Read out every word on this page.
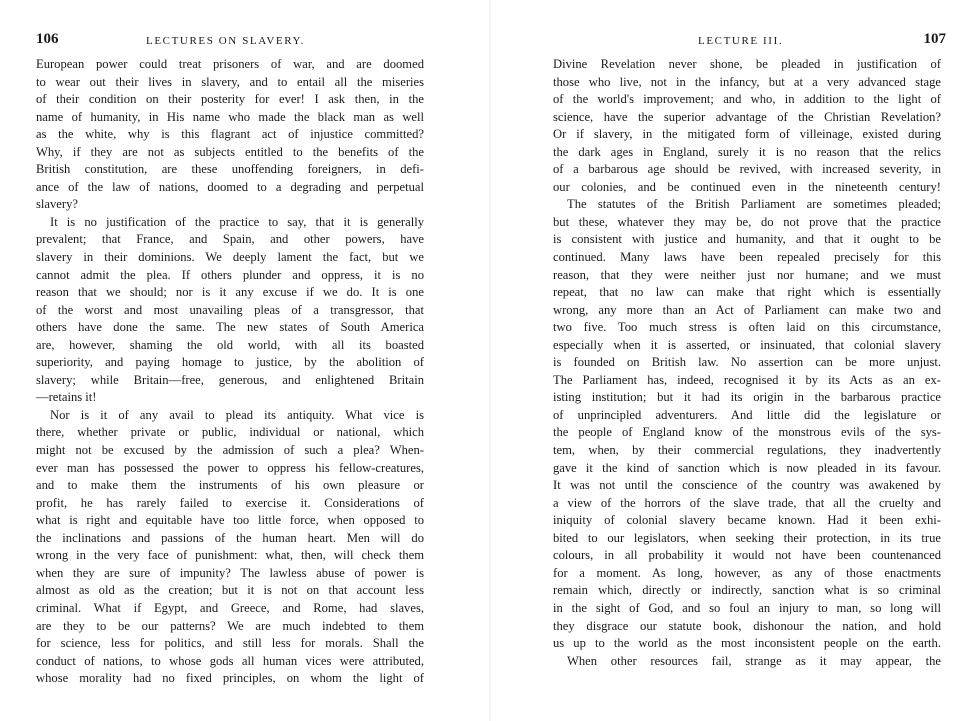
106	LECTURES ON SLAVERY.
European power could treat prisoners of war, and are doomed
to wear out their lives in slavery, and to entail all the miseries
of their condition on their posterity for ever! I ask then, in the
name of humanity, in His name who made the black man as well
as the white, why is this flagrant act of injustice committed?
Why, if they are not as subjects entitled to the benefits of the
British constitution, are these unoffending foreigners, in defi-
ance of the law of nations, doomed to a degrading and perpetual
slavery?
It is no justification of the practice to say, that it is generally
prevalent; that France, and Spain, and other powers, have
slavery in their dominions. We deeply lament the fact, but we
cannot admit the plea. If others plunder and oppress, it is no
reason that we should; nor is it any excuse if we do. It is one
of the worst and most unavailing pleas of a transgressor, that
others have done the same. The new states of South America
are, however, shaming the old world, with all its boasted
superiority, and paying homage to justice, by the abolition of
slavery; while Britain—free, generous, and enlightened Britain
—retains it!
Nor is it of any avail to plead its antiquity. What vice is
there, whether private or public, individual or national, which
might not be excused by the admission of such a plea? When-
ever man has possessed the power to oppress his fellow-creatures,
and to make them the instruments of his own pleasure or
profit, he has rarely failed to exercise it. Considerations of
what is right and equitable have too little force, when opposed to
the inclinations and passions of the human heart. Men will do
wrong in the very face of punishment: what, then, will check them
when they are sure of impunity? The lawless abuse of power is
almost as old as the creation; but it is not on that account less
criminal. What if Egypt, and Greece, and Rome, had slaves,
are they to be our patterns? We are much indebted to them
for science, less for politics, and still less for morals. Shall the
conduct of nations, to whose gods all human vices were attributed,
whose morality had no fixed principles, on whom the light of
LECTURE III.	107
Divine Revelation never shone, be pleaded in justification of
those who live, not in the infancy, but at a very advanced stage
of the world's improvement; and who, in addition to the light of
science, have the superior advantage of the Christian Revelation?
Or if slavery, in the mitigated form of villeinage, existed during
the dark ages in England, surely it is no reason that the relics
of a barbarous age should be revived, with increased severity, in
our colonies, and be continued even in the nineteenth century!
The statutes of the British Parliament are sometimes pleaded;
but these, whatever they may be, do not prove that the practice
is consistent with justice and humanity, and that it ought to be
continued. Many laws have been repealed precisely for this
reason, that they were neither just nor humane; and we must
repeat, that no law can make that right which is essentially
wrong, any more than an Act of Parliament can make two and
two five. Too much stress is often laid on this circumstance,
especially when it is asserted, or insinuated, that colonial slavery
is founded on British law. No assertion can be more unjust.
The Parliament has, indeed, recognised it by its Acts as an ex-
isting institution; but it had its origin in the barbarous practice
of unprincipled adventurers. And little did the legislature or
the people of England know of the monstrous evils of the sys-
tem, when, by their commercial regulations, they inadvertently
gave it the kind of sanction which is now pleaded in its favour.
It was not until the conscience of the country was awakened by
a view of the horrors of the slave trade, that all the cruelty and
iniquity of colonial slavery became known. Had it been exhi-
bited to our legislators, when seeking their protection, in its true
colours, in all probability it would not have been countenanced
for a moment. As long, however, as any of those enactments
remain which, directly or indirectly, sanction what is so criminal
in the sight of God, and so foul an injury to man, so long will
they disgrace our statute book, dishonour the nation, and hold
us up to the world as the most inconsistent people on the earth.
When other resources fail, strange as it may appear, the
